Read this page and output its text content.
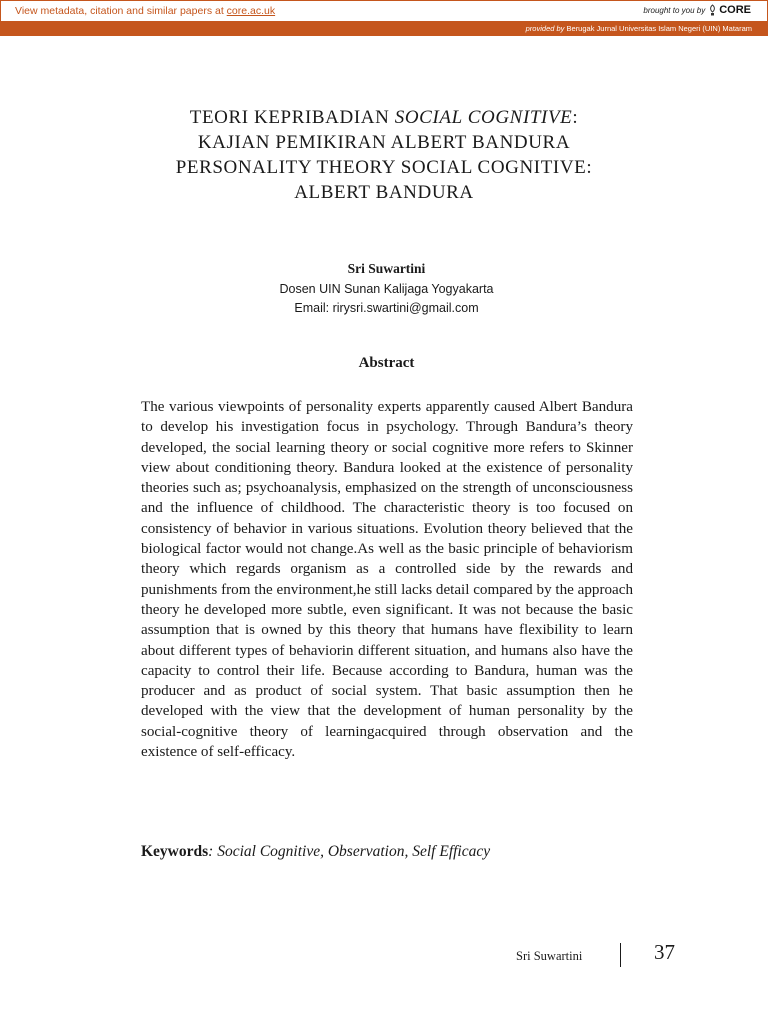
View metadata, citation and similar papers at core.ac.uk	brought to you by CORE
provided by Berugak Jurnal Universitas Islam Negeri (UIN) Mataram
TEORI KEPRIBADIAN SOCIAL COGNITIVE:
KAJIAN PEMIKIRAN ALBERT BANDURA
PERSONALITY THEORY SOCIAL COGNITIVE:
ALBERT BANDURA
Sri Suwartini
Dosen UIN Sunan Kalijaga Yogyakarta
Email: rirysri.swartini@gmail.com
Abstract
The various viewpoints of personality experts apparently caused Albert Bandura to develop his investigation focus in psychology. Through Bandura’s theory developed, the social learning theory or social cognitive more refers to Skinner view about conditioning theory. Bandura looked at the existence of personality theories such as; psychoanalysis, emphasized on the strength of unconsciousness and the influence of childhood. The characteristic theory is too focused on consistency of behavior in various situations. Evolution theory believed that the biological factor would not change.As well as the basic principle of behaviorism theory which regards organism as a controlled side by the rewards and punishments from the environment,he still lacks detail compared by the approach theory he developed more subtle, even significant. It was not because the basic assumption that is owned by this theory that humans have flexibility to learn about different types of behaviorin different situation, and humans also have the capacity to control their life. Because according to Bandura, human was the producer and as product of social system. That basic assumption then he developed with the view that the development of human personality by the social-cognitive theory of learningacquired through observation and the existence of self-efficacy.
Keywords: Social Cognitive, Observation, Self Efficacy
Sri Suwartini	37
